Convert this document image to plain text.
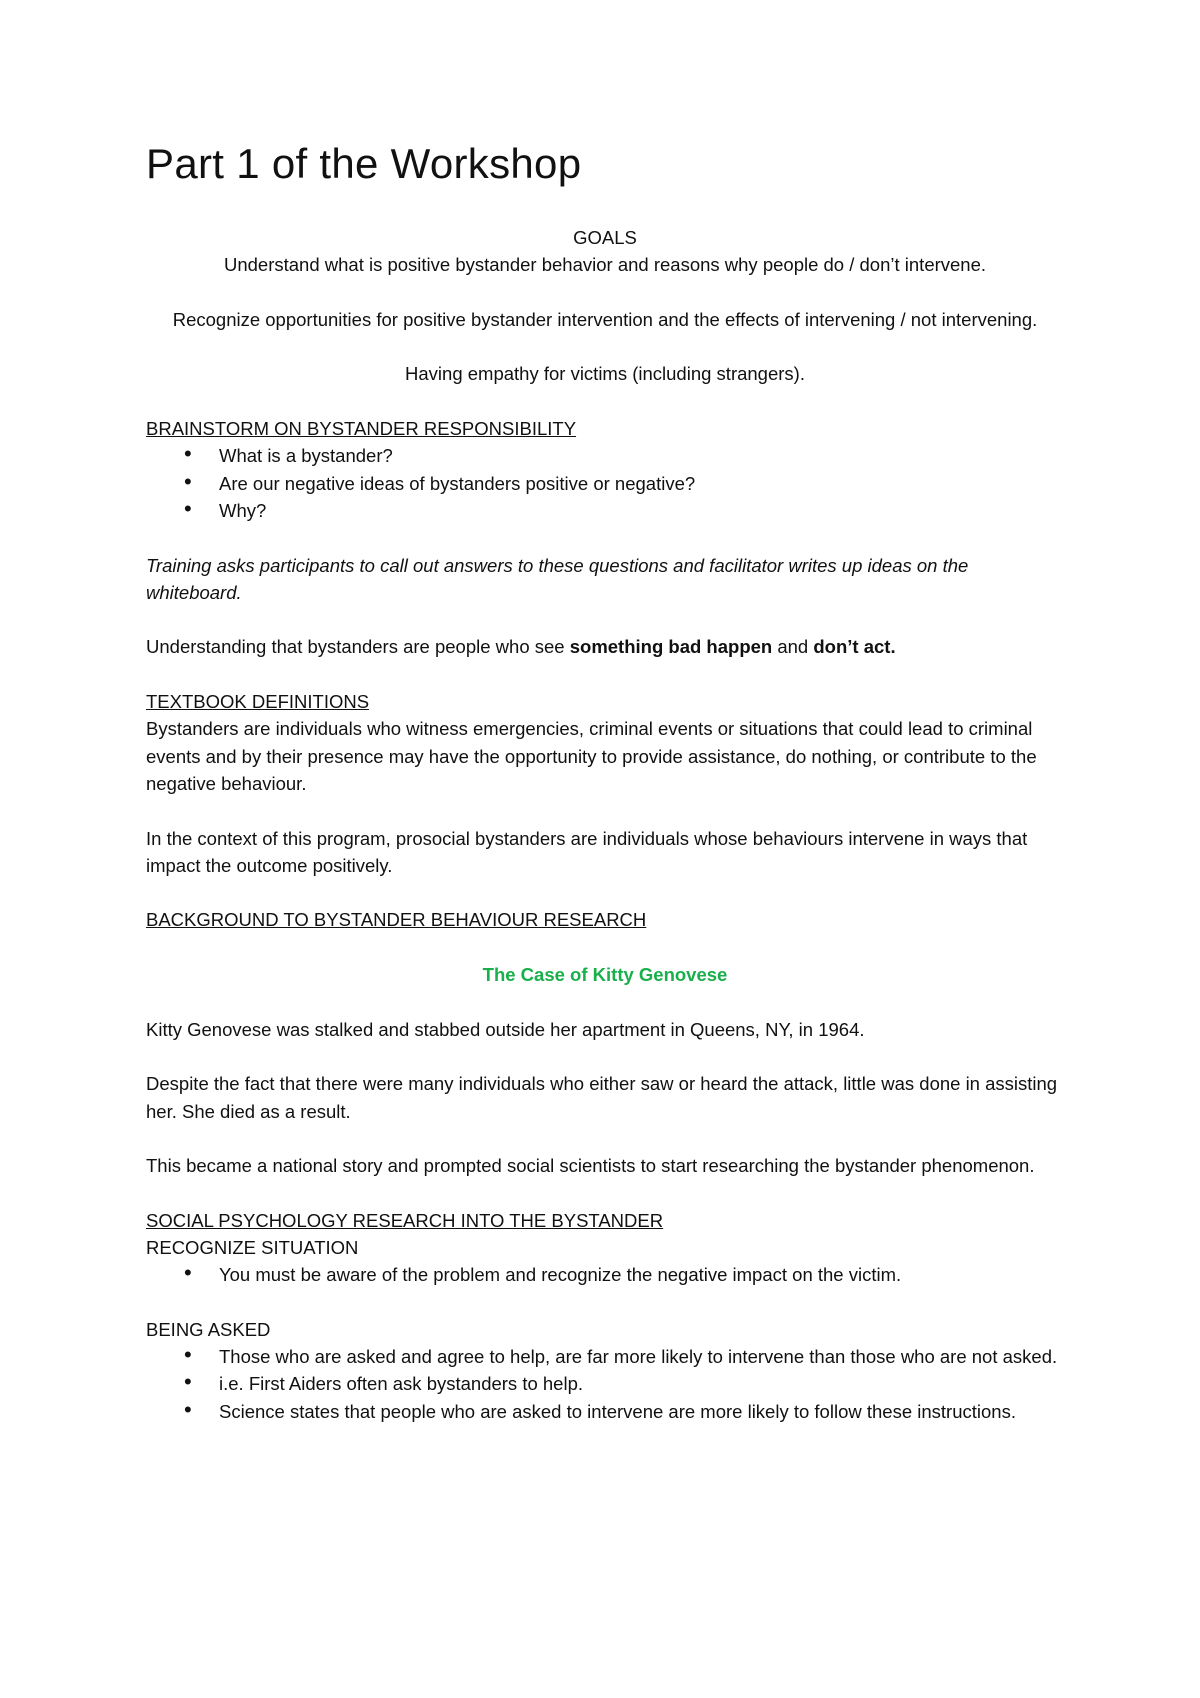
Part 1 of the Workshop

GOALS

Understand what is positive bystander behavior and reasons why people do / don’t intervene.

Recognize opportunities for positive bystander intervention and the effects of intervening / not intervening.

Having empathy for victims (including strangers).

BRAINSTORM ON BYSTANDER RESPONSIBILITY

• What is a bystander?
• Are our negative ideas of bystanders positive or negative?
• Why?

Training asks participants to call out answers to these questions and facilitator writes up ideas on the whiteboard.

Understanding that bystanders are people who see something bad happen and don’t act.

TEXTBOOK DEFINITIONS

Bystanders are individuals who witness emergencies, criminal events or situations that could lead to criminal events and by their presence may have the opportunity to provide assistance, do nothing, or contribute to the negative behaviour.

In the context of this program, prosocial bystanders are individuals whose behaviours intervene in ways that impact the outcome positively.

BACKGROUND TO BYSTANDER BEHAVIOUR RESEARCH

The Case of Kitty Genovese

Kitty Genovese was stalked and stabbed outside her apartment in Queens, NY, in 1964.

Despite the fact that there were many individuals who either saw or heard the attack, little was done in assisting her. She died as a result.

This became a national story and prompted social scientists to start researching the bystander phenomenon.

SOCIAL PSYCHOLOGY RESEARCH INTO THE BYSTANDER

RECOGNIZE SITUATION

• You must be aware of the problem and recognize the negative impact on the victim.

BEING ASKED

• Those who are asked and agree to help, are far more likely to intervene than those who are not asked.
• i.e. First Aiders often ask bystanders to help.
• Science states that people who are asked to intervene are more likely to follow these instructions.
